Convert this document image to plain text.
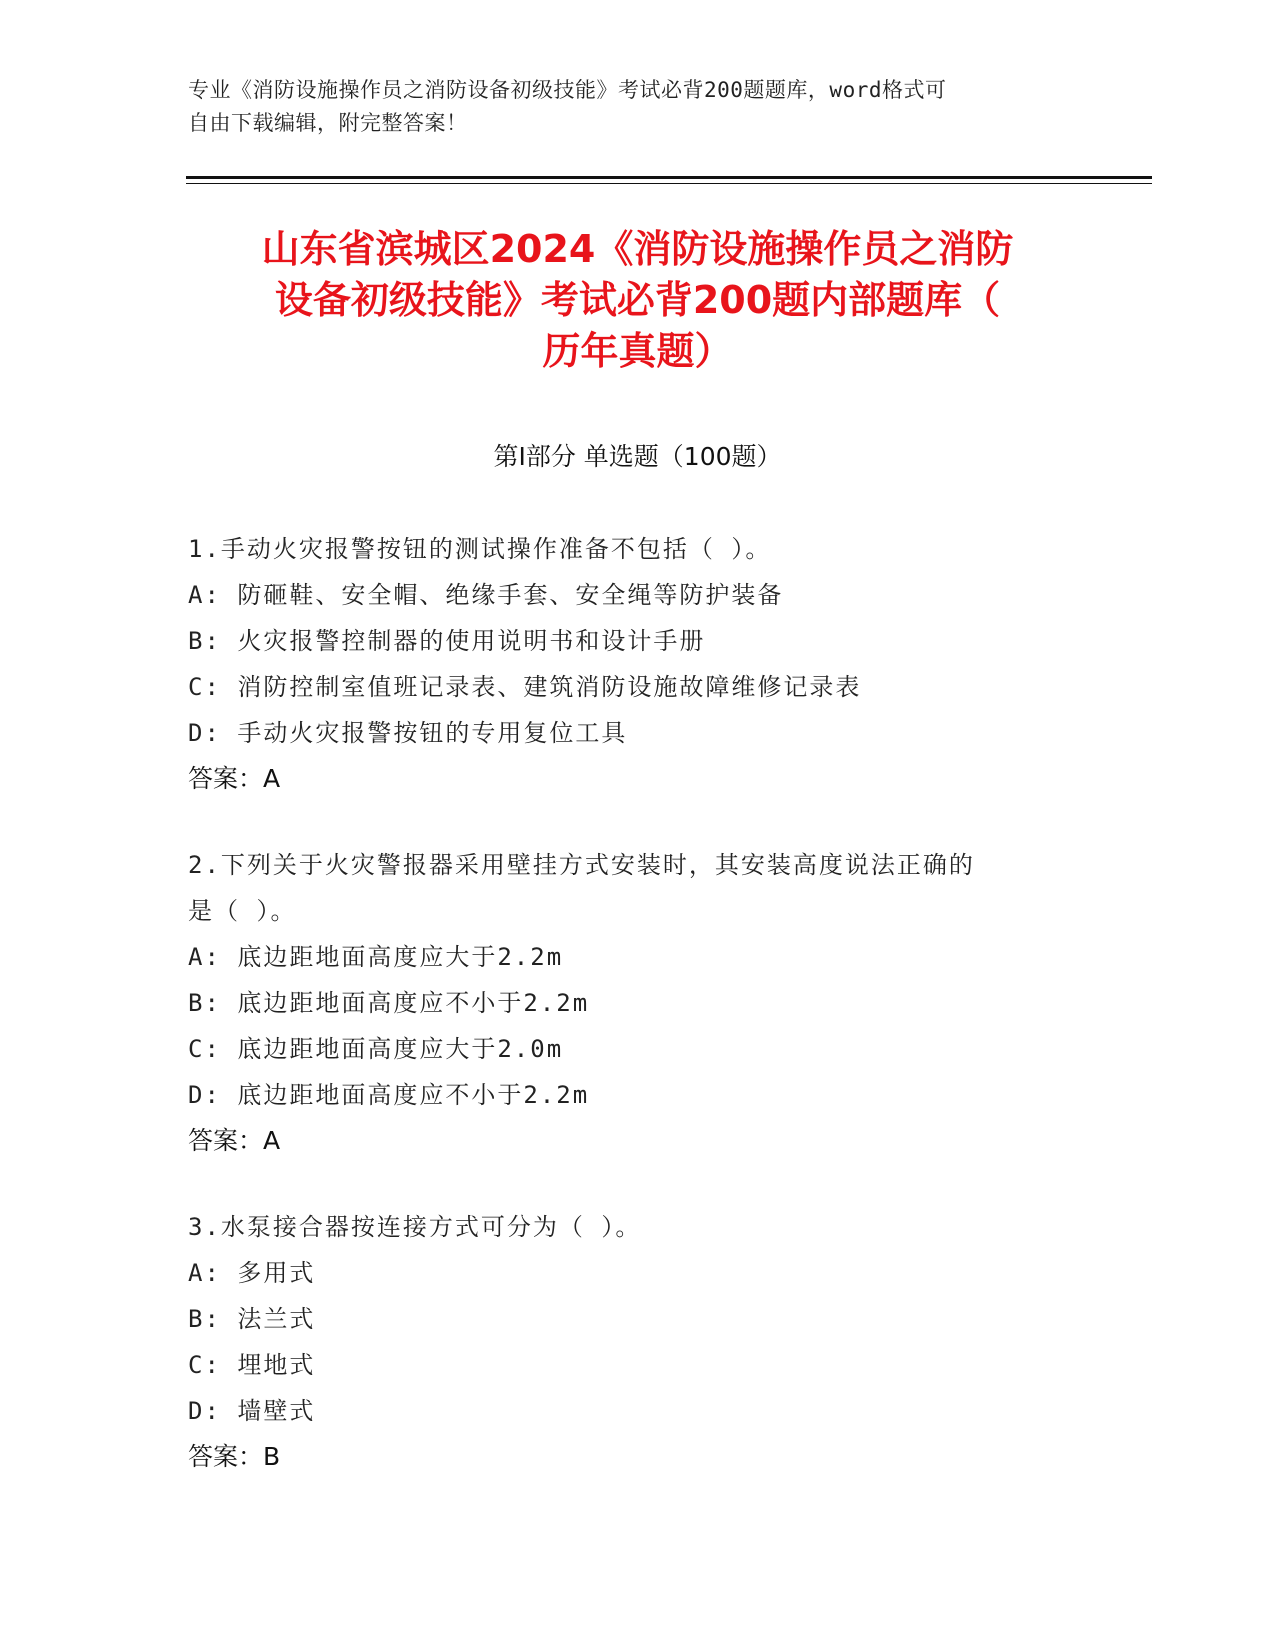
专业《消防设施操作员之消防设备初级技能》考试必背200题题库，word格式可
自由下载编辑，附完整答案！
山东省滨城区2024《消防设施操作员之消防
设备初级技能》考试必背200题内部题库（
历年真题）
第Ⅰ部分 单选题（100题）
1.手动火灾报警按钮的测试操作准备不包括（ ）。
A: 防砸鞋、安全帽、绝缘手套、安全绳等防护装备
B: 火灾报警控制器的使用说明书和设计手册
C: 消防控制室值班记录表、建筑消防设施故障维修记录表
D: 手动火灾报警按钮的专用复位工具
答案：A
2.下列关于火灾警报器采用壁挂方式安装时，其安装高度说法正确的
是（ ）。
A: 底边距地面高度应大于2.2m
B: 底边距地面高度应不小于2.2m
C: 底边距地面高度应大于2.0m
D: 底边距地面高度应不小于2.2m
答案：A
3.水泵接合器按连接方式可分为（ ）。
A: 多用式
B: 法兰式
C: 埋地式
D: 墙壁式
答案：B
